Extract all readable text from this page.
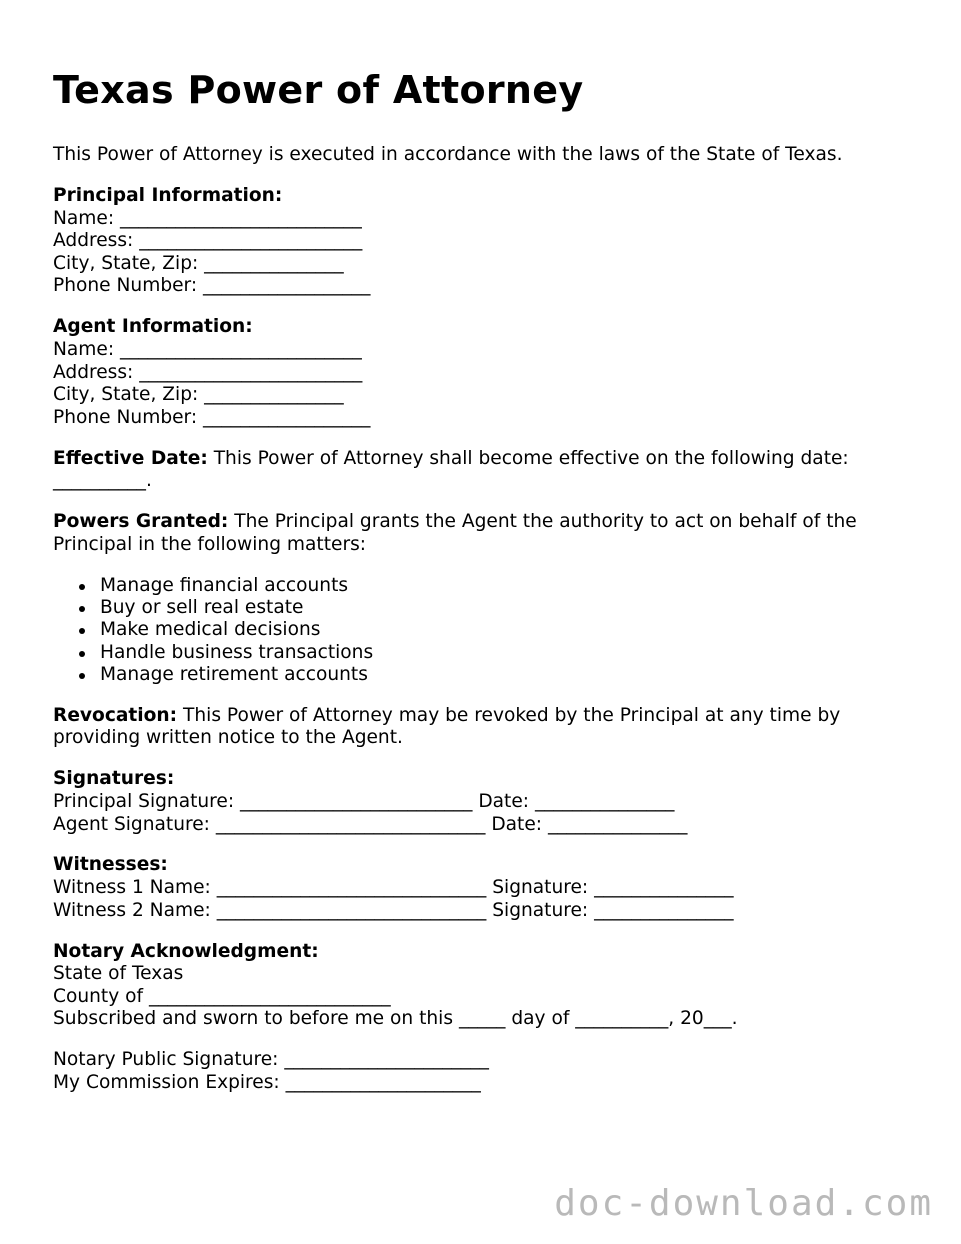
Texas Power of Attorney
This Power of Attorney is executed in accordance with the laws of the State of Texas.
Principal Information:
Name: __________________________
Address: ________________________
City, State, Zip: _______________
Phone Number: __________________
Agent Information:
Name: __________________________
Address: ________________________
City, State, Zip: _______________
Phone Number: __________________
Effective Date: This Power of Attorney shall become effective on the following date: __________.
Powers Granted: The Principal grants the Agent the authority to act on behalf of the Principal in the following matters:
Manage financial accounts
Buy or sell real estate
Make medical decisions
Handle business transactions
Manage retirement accounts
Revocation: This Power of Attorney may be revoked by the Principal at any time by providing written notice to the Agent.
Signatures:
Principal Signature: _________________________ Date: _______________
Agent Signature: _____________________________ Date: _______________
Witnesses:
Witness 1 Name: _____________________________ Signature: _______________
Witness 2 Name: _____________________________ Signature: _______________
Notary Acknowledgment:
State of Texas
County of __________________________
Subscribed and sworn to before me on this _____ day of __________, 20___.
Notary Public Signature: ______________________
My Commission Expires: _____________________
doc-download.com
